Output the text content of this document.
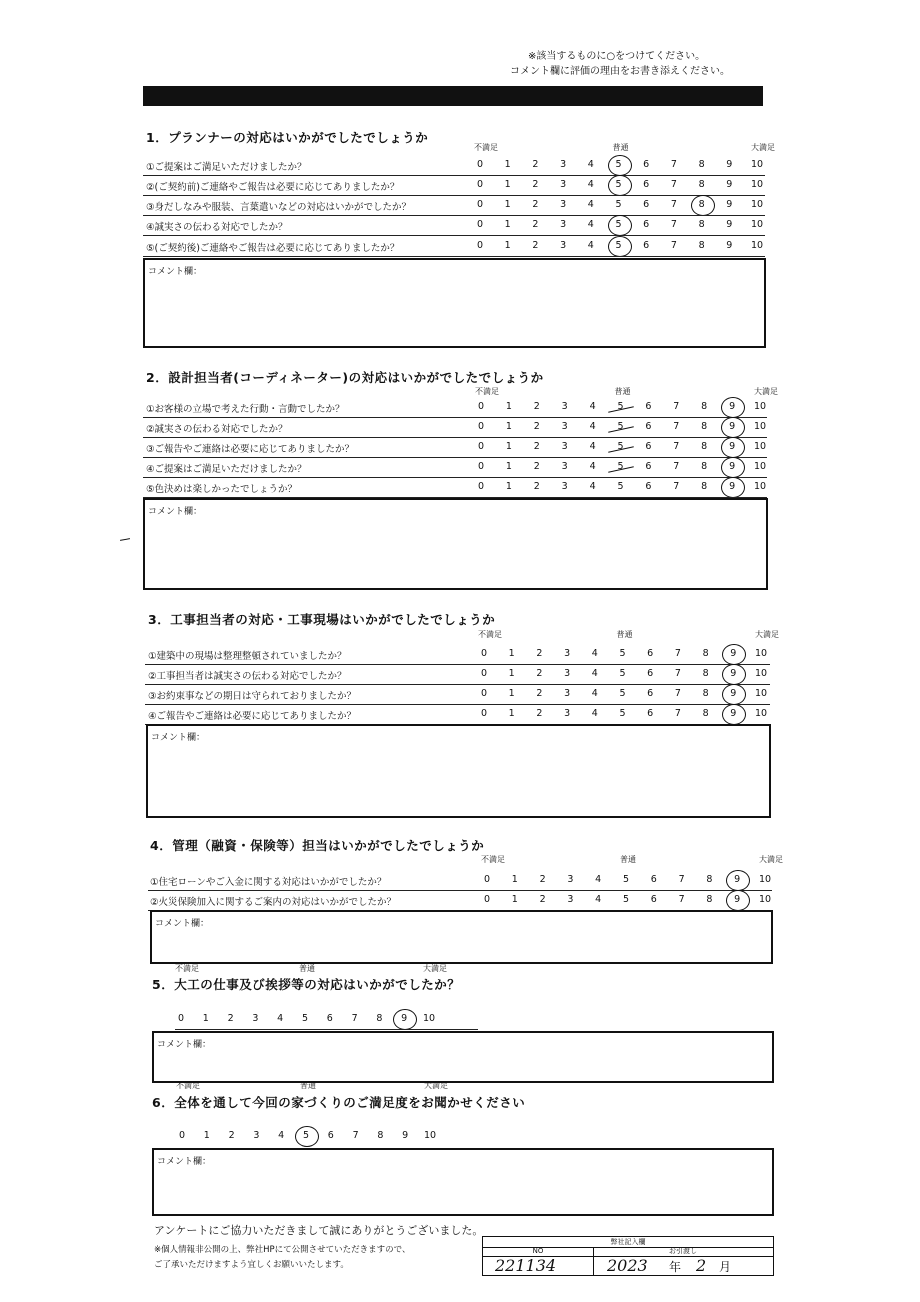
※該当するものに○をつけてください。
コメント欄に評価の理由をお書き添えください。
1．プランナーの対応はいかがでしたでしょうか
不満足	普通	大満足
①ご提案はご満足いただけましたか？	0	1	2	3	4	5	6	7	8	9	10
②(ご契約前)ご連絡やご報告は必要に応じてありましたか？	0	1	2	3	4	5	6	7	8	9	10
③身だしなみや服装、言葉遣いなどの対応はいかがでしたか？	0	1	2	3	4	5	6	7	8	9	10
④誠実さの伝わる対応でしたか？	0	1	2	3	4	5	6	7	8	9	10
⑤(ご契約後)ご連絡やご報告は必要に応じてありましたか？	0	1	2	3	4	5	6	7	8	9	10
コメント欄：
2．設計担当者(コーディネーター)の対応はいかがでしたでしょうか
不満足	普通	大満足
①お客様の立場で考えた行動・言動でしたか？	0	1	2	3	4	5	6	7	8	9	10
②誠実さの伝わる対応でしたか？	0	1	2	3	4	5	6	7	8	9	10
③ご報告やご連絡は必要に応じてありましたか？	0	1	2	3	4	5	6	7	8	9	10
④ご提案はご満足いただけましたか？	0	1	2	3	4	5	6	7	8	9	10
⑤色決めは楽しかったでしょうか？	0	1	2	3	4	5	6	7	8	9	10
コメント欄：
3．工事担当者の対応・工事現場はいかがでしたでしょうか
不満足	普通	大満足
①建築中の現場は整理整頓されていましたか？	0	1	2	3	4	5	6	7	8	9	10
②工事担当者は誠実さの伝わる対応でしたか？	0	1	2	3	4	5	6	7	8	9	10
③お約束事などの期日は守られておりましたか？	0	1	2	3	4	5	6	7	8	9	10
④ご報告やご連絡は必要に応じてありましたか？	0	1	2	3	4	5	6	7	8	9	10
コメント欄：
4．管理（融資・保険等）担当はいかがでしたでしょうか
不満足	普通	大満足
①住宅ローンやご入金に関する対応はいかがでしたか？	0	1	2	3	4	5	6	7	8	9	10
②火災保険加入に関するご案内の対応はいかがでしたか？	0	1	2	3	4	5	6	7	8	9	10
コメント欄：
5．大工の仕事及び挨拶等の対応はいかがでしたか？
不満足	普通	大満足
0	1	2	3	4	5	6	7	8	9	10
コメント欄：
6．全体を通して今回の家づくりのご満足度をお聞かせください
不満足	普通	大満足
0	1	2	3	4	5	6	7	8	9	10
コメント欄：
アンケートにご協力いただきまして誠にありがとうございました。
※個人情報非公開の上、弊社HPにて公開させていただきますので、
ご了承いただけますよう宜しくお願いいたします。
弊社記入欄
NO	お引渡し
221134	2023 年 2 月
